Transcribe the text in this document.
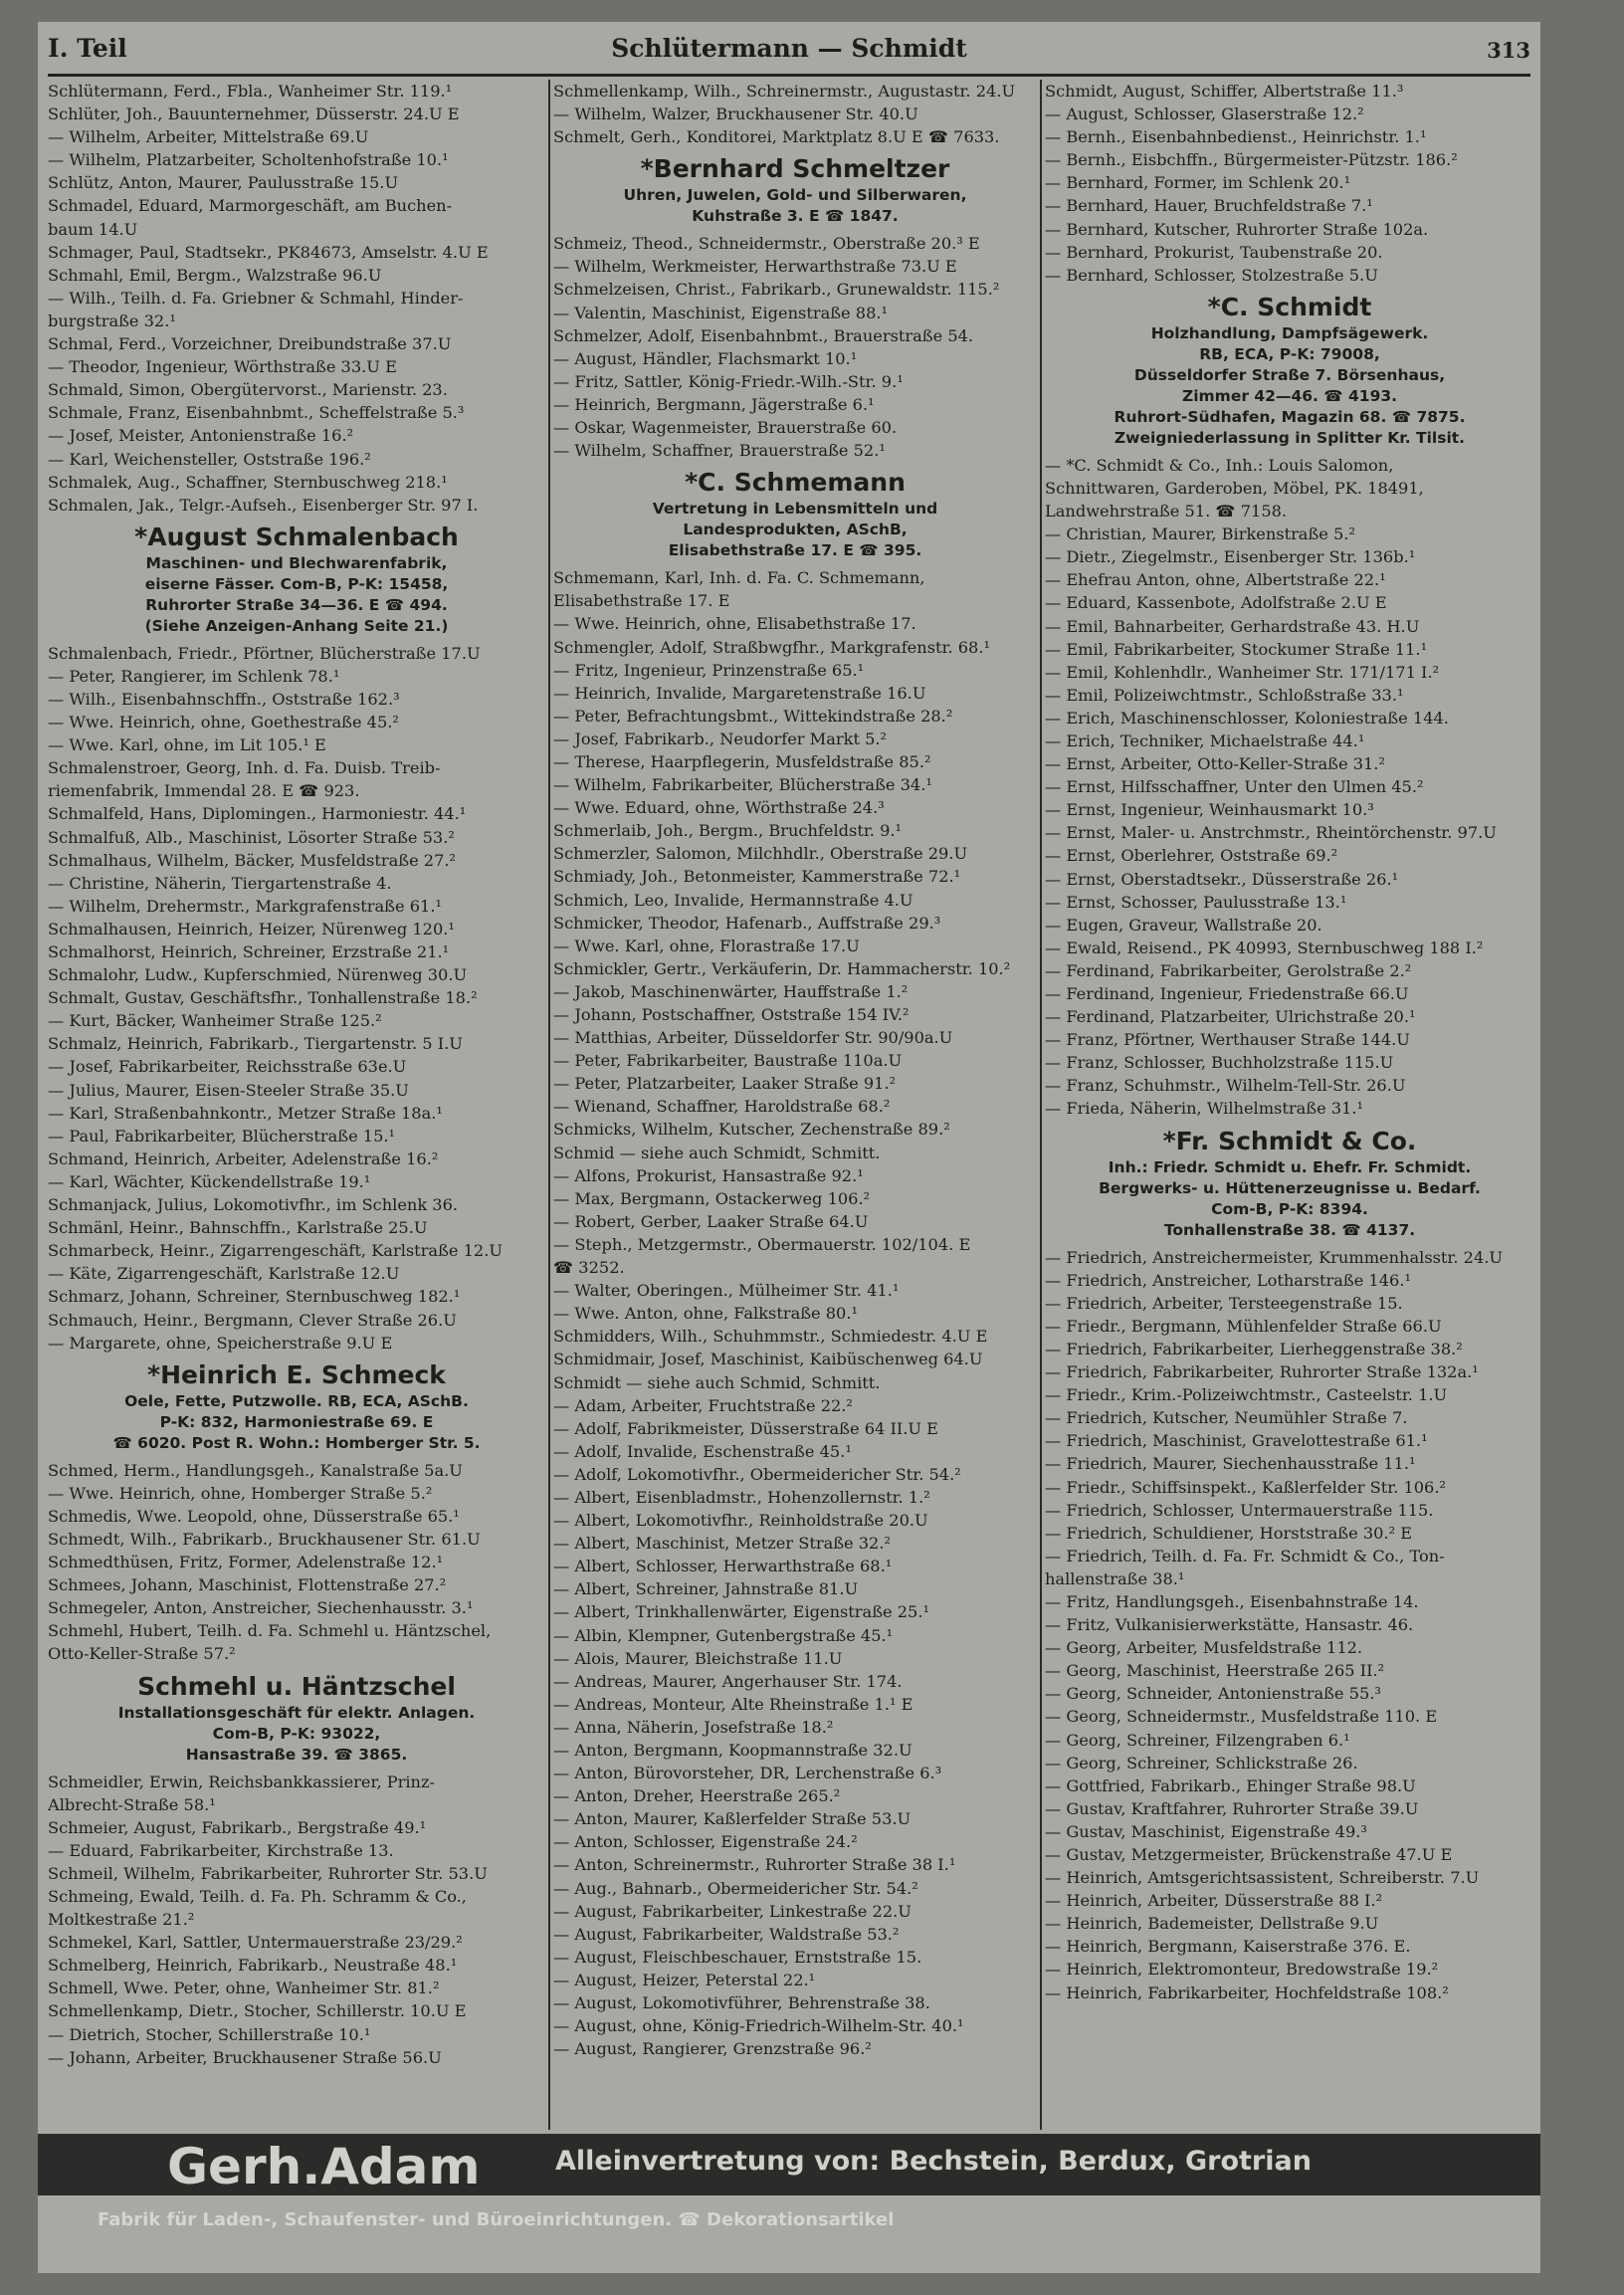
I. Teil	Schlütermann — Schmidt	313
Schlütermann, Ferd., Fbla., Wanheimer Str. 119.¹
Schlüter, Joh., Bauunternehmer, Düsserstr. 24.U E
— Wilhelm, Arbeiter, Mittelstraße 69.U
— Wilhelm, Platzarbeiter, Scholtenhofstraße 10.¹
Schlütz, Anton, Maurer, Paulusstraße 15.U
Schmadel, Eduard, Marmorgeschäft, am Buchen-
baum 14.U
Schmager, Paul, Stadtsekr., PK84673, Amselstr. 4.U E
Schmahl, Emil, Bergm., Walzstraße 96.U
— Wilh., Teilh. d. Fa. Griebner & Schmahl, Hinder-
burgstraße 32.¹
Schmal, Ferd., Vorzeichner, Dreibundstraße 37.U
— Theodor, Ingenieur, Wörthstraße 33.U E
Schmald, Simon, Obergütervorst., Marienstr. 23.
Schmale, Franz, Eisenbahnbmt., Scheffelstraße 5.³
— Josef, Meister, Antonienstraße 16.²
— Karl, Weichensteller, Oststraße 196.²
Schmalek, Aug., Schaffner, Sternbuschweg 218.¹
Schmalen, Jak., Telgr.-Aufseh., Eisenberger Str. 97 I.
*August Schmalenbach
Maschinen- und Blechwarenfabrik,
eiserne Fässer. Com-B, P-K: 15458,
Ruhrorter Straße 34—36. E ☎ 494.
(Siehe Anzeigen-Anhang Seite 21.)
Schmalenbach, Friedr., Pförtner, Blücherstraße 17.U
— Peter, Rangierer, im Schlenk 78.¹
— Wilh., Eisenbahnschffn., Oststraße 162.³
— Wwe. Heinrich, ohne, Goethestraße 45.²
— Wwe. Karl, ohne, im Lit 105.¹ E
Schmalenstroer, Georg, Inh. d. Fa. Duisb. Treib-
riemenfabrik, Immendal 28. E ☎ 923.
Schmalfeld, Hans, Diplomingen., Harmoniestr. 44.¹
Schmalfuß, Alb., Maschinist, Lösorter Straße 53.²
Schmalhaus, Wilhelm, Bäcker, Musfeldstraße 27.²
— Christine, Näherin, Tiergartenstraße 4.
— Wilhelm, Drehermstr., Markgrafenstraße 61.¹
Schmalhausen, Heinrich, Heizer, Nürenweg 120.¹
Schmalhorst, Heinrich, Schreiner, Erzstraße 21.¹
Schmalohr, Ludw., Kupferschmied, Nürenweg 30.U
Schmalt, Gustav, Geschäftsfhr., Tonhallenstraße 18.²
— Kurt, Bäcker, Wanheimer Straße 125.²
Schmalz, Heinrich, Fabrikarb., Tiergartenstr. 5 I.U
— Josef, Fabrikarbeiter, Reichsstraße 63e.U
— Julius, Maurer, Eisen-Steeler Straße 35.U
— Karl, Straßenbahnkontr., Metzer Straße 18a.¹
— Paul, Fabrikarbeiter, Blücherstraße 15.¹
Schmand, Heinrich, Arbeiter, Adelenstraße 16.²
— Karl, Wächter, Kückendellstraße 19.¹
Schmanjack, Julius, Lokomotivfhr., im Schlenk 36.
Schmänl, Heinr., Bahnschffn., Karlstraße 25.U
Schmarbeck, Heinr., Zigarrengeschäft, Karlstraße 12.U
— Käte, Zigarrengeschäft, Karlstraße 12.U
Schmarz, Johann, Schreiner, Sternbuschweg 182.¹
Schmauch, Heinr., Bergmann, Clever Straße 26.U
— Margarete, ohne, Speicherstraße 9.U E
*Heinrich E. Schmeck
Oele, Fette, Putzwolle. RB, ECA, ASchB.
P-K: 832, Harmoniestraße 69. E
☎ 6020. Post R. Wohn.: Homberger Str. 5.
Schmed, Herm., Handlungsgeh., Kanalstraße 5a.U
— Wwe. Heinrich, ohne, Homberger Straße 5.²
Schmedis, Wwe. Leopold, ohne, Düsserstraße 65.¹
Schmedt, Wilh., Fabrikarb., Bruckhausener Str. 61.U
Schmedthüsen, Fritz, Former, Adelenstraße 12.¹
Schmees, Johann, Maschinist, Flottenstraße 27.²
Schmegeler, Anton, Anstreicher, Siechenhausstr. 3.¹
Schmehl, Hubert, Teilh. d. Fa. Schmehl u. Häntzschel,
Otto-Keller-Straße 57.²
Schmehl u. Häntzschel
Installationsgeschäft für elektr. Anlagen.
Com-B, P-K: 93022,
Hansastraße 39. ☎ 3865.
Schmeidler, Erwin, Reichsbankkassierer, Prinz-
Albrecht-Straße 58.¹
Schmeier, August, Fabrikarb., Bergstraße 49.¹
— Eduard, Fabrikarbeiter, Kirchstraße 13.
Schmeil, Wilhelm, Fabrikarbeiter, Ruhrorter Str. 53.U
Schmeing, Ewald, Teilh. d. Fa. Ph. Schramm & Co.,
Moltkestraße 21.²
Schmekel, Karl, Sattler, Untermauerstraße 23/29.²
Schmelberg, Heinrich, Fabrikarb., Neustraße 48.¹
Schmell, Wwe. Peter, ohne, Wanheimer Str. 81.²
Schmellenkamp, Dietr., Stocher, Schillerstr. 10.U E
— Dietrich, Stocher, Schillerstraße 10.¹
— Johann, Arbeiter, Bruckhausener Straße 56.U
Schmellenkamp, Wilh., Schreinermstr., Augustastr. 24.U
— Wilhelm, Walzer, Bruckhausener Str. 40.U
Schmelt, Gerh., Konditorei, Marktplatz 8.U E ☎ 7633.
*Bernhard Schmeltzer
Uhren, Juwelen, Gold- und Silberwaren,
Kuhstraße 3. E ☎ 1847.
Schmeiz, Theod., Schneidermstr., Oberstraße 20.³ E
— Wilhelm, Werkmeister, Herwarthstraße 73.U E
Schmelzeisen, Christ., Fabrikarb., Grunewaldstr. 115.²
— Valentin, Maschinist, Eigenstraße 88.¹
Schmelzer, Adolf, Eisenbahnbmt., Brauerstraße 54.
— August, Händler, Flachsmarkt 10.¹
— Fritz, Sattler, König-Friedr.-Wilh.-Str. 9.¹
— Heinrich, Bergmann, Jägerstraße 6.¹
— Oskar, Wagenmeister, Brauerstraße 60.
— Wilhelm, Schaffner, Brauerstraße 52.¹
*C. Schmemann
Vertretung in Lebensmitteln und
Landesprodukten, ASchB,
Elisabethstraße 17. E ☎ 395.
Schmemann, Karl, Inh. d. Fa. C. Schmemann,
Elisabethstraße 17. E
— Wwe. Heinrich, ohne, Elisabethstraße 17.
Schmengler, Adolf, Straßbwgfhr., Markgrafenstr. 68.¹
— Fritz, Ingenieur, Prinzenstraße 65.¹
— Heinrich, Invalide, Margaretenstraße 16.U
— Peter, Befrachtungsbmt., Wittekindstraße 28.²
— Josef, Fabrikarb., Neudorfer Markt 5.²
— Therese, Haarpflegerin, Musfeldstraße 85.²
— Wilhelm, Fabrikarbeiter, Blücherstraße 34.¹
— Wwe. Eduard, ohne, Wörthstraße 24.³
Schmerlaib, Joh., Bergm., Bruchfeldstr. 9.¹
Schmerzler, Salomon, Milchhdlr., Oberstraße 29.U
Schmiady, Joh., Betonmeister, Kammerstraße 72.¹
Schmich, Leo, Invalide, Hermannstraße 4.U
Schmicker, Theodor, Hafenarb., Auffstraße 29.³
— Wwe. Karl, ohne, Florastraße 17.U
Schmickler, Gertr., Verkäuferin, Dr. Hammacherstr. 10.²
— Jakob, Maschinenwärter, Hauffstraße 1.²
— Johann, Postschaffner, Oststraße 154 IV.²
— Matthias, Arbeiter, Düsseldorfer Str. 90/90a.U
— Peter, Fabrikarbeiter, Baustraße 110a.U
— Peter, Platzarbeiter, Laaker Straße 91.²
— Wienand, Schaffner, Haroldstraße 68.²
Schmicks, Wilhelm, Kutscher, Zechenstraße 89.²
Schmid — siehe auch Schmidt, Schmitt.
— Alfons, Prokurist, Hansastraße 92.¹
— Max, Bergmann, Ostackerweg 106.²
— Robert, Gerber, Laaker Straße 64.U
— Steph., Metzgermstr., Obermauerstr. 102/104. E
☎ 3252.
— Walter, Oberingen., Mülheimer Str. 41.¹
— Wwe. Anton, ohne, Falkstraße 80.¹
Schmidders, Wilh., Schuhmmstr., Schmiedestr. 4.U E
Schmidmair, Josef, Maschinist, Kaibüschenweg 64.U
Schmidt — siehe auch Schmid, Schmitt.
— Adam, Arbeiter, Fruchtstraße 22.²
— Adolf, Fabrikmeister, Düsserstraße 64 II.U E
— Adolf, Invalide, Eschenstraße 45.¹
— Adolf, Lokomotivfhr., Obermeidericher Str. 54.²
— Albert, Eisenbladmstr., Hohenzollernstr. 1.²
— Albert, Lokomotivfhr., Reinholdstraße 20.U
— Albert, Maschinist, Metzer Straße 32.²
— Albert, Schlosser, Herwarthstraße 68.¹
— Albert, Schreiner, Jahnstraße 81.U
— Albert, Trinkhallenwärter, Eigenstraße 25.¹
— Albin, Klempner, Gutenbergstraße 45.¹
— Alois, Maurer, Bleichstraße 11.U
— Andreas, Maurer, Angerhauser Str. 174.
— Andreas, Monteur, Alte Rheinstraße 1.¹ E
— Anna, Näherin, Josefstraße 18.²
— Anton, Bergmann, Koopmannstraße 32.U
— Anton, Bürovorsteher, DR, Lerchenstraße 6.³
— Anton, Dreher, Heerstraße 265.²
— Anton, Maurer, Kaßlerfelder Straße 53.U
— Anton, Schlosser, Eigenstraße 24.²
— Anton, Schreinermstr., Ruhrorter Straße 38 I.¹
— Aug., Bahnarb., Obermeidericher Str. 54.²
— August, Fabrikarbeiter, Linkestraße 22.U
— August, Fabrikarbeiter, Waldstraße 53.²
— August, Fleischbeschauer, Ernststraße 15.
— August, Heizer, Peterstal 22.¹
— August, Lokomotivführer, Behrenstraße 38.
— August, ohne, König-Friedrich-Wilhelm-Str. 40.¹
— August, Rangierer, Grenzstraße 96.²
Schmidt, August, Schiffer, Albertstraße 11.³
— August, Schlosser, Glaserstraße 12.²
— Bernh., Eisenbahnbedienst., Heinrichstr. 1.¹
— Bernh., Eisbchffn., Bürgermeister-Pützstr. 186.²
— Bernhard, Former, im Schlenk 20.¹
— Bernhard, Hauer, Bruchfeldstraße 7.¹
— Bernhard, Kutscher, Ruhrorter Straße 102a.
— Bernhard, Prokurist, Taubenstraße 20.
— Bernhard, Schlosser, Stolzestraße 5.U
*C. Schmidt
Holzhandlung, Dampfsägewerk.
RB, ECA, P-K: 79008,
Düsseldorfer Straße 7. Börsenhaus,
Zimmer 42—46. ☎ 4193.
Ruhrort-Südhafen, Magazin 68. ☎ 7875.
Zweigniederlassung in Splitter Kr. Tilsit.
— *C. Schmidt & Co., Inh.: Louis Salomon,
Schnittwaren, Garderoben, Möbel, PK. 18491,
Landwehrstraße 51. ☎ 7158.
— Christian, Maurer, Birkenstraße 5.²
— Dietr., Ziegelmstr., Eisenberger Str. 136b.¹
— Ehefrau Anton, ohne, Albertstraße 22.¹
— Eduard, Kassenbote, Adolfstraße 2.U E
— Emil, Bahnarbeiter, Gerhardstraße 43. H.U
— Emil, Fabrikarbeiter, Stockumer Straße 11.¹
— Emil, Kohlenhdlr., Wanheimer Str. 171/171 I.²
— Emil, Polizeiwchtmstr., Schloßstraße 33.¹
— Erich, Maschinenschlosser, Koloniestraße 144.
— Erich, Techniker, Michaelstraße 44.¹
— Ernst, Arbeiter, Otto-Keller-Straße 31.²
— Ernst, Hilfsschaffner, Unter den Ulmen 45.²
— Ernst, Ingenieur, Weinhausmarkt 10.³
— Ernst, Maler- u. Anstrchmstr., Rheintörchenstr. 97.U
— Ernst, Oberlehrer, Oststraße 69.²
— Ernst, Oberstadtsekr., Düsserstraße 26.¹
— Ernst, Schosser, Paulusstraße 13.¹
— Eugen, Graveur, Wallstraße 20.
— Ewald, Reisend., PK 40993, Sternbuschweg 188 I.²
— Ferdinand, Fabrikarbeiter, Gerolstraße 2.²
— Ferdinand, Ingenieur, Friedenstraße 66.U
— Ferdinand, Platzarbeiter, Ulrichstraße 20.¹
— Franz, Pförtner, Werthauser Straße 144.U
— Franz, Schlosser, Buchholzstraße 115.U
— Franz, Schuhmstr., Wilhelm-Tell-Str. 26.U
— Frieda, Näherin, Wilhelmstraße 31.¹
*Fr. Schmidt & Co.
Inh.: Friedr. Schmidt u. Ehefr. Fr. Schmidt.
Bergwerks- u. Hüttenerzeugnisse u. Bedarf.
Com-B, P-K: 8394.
Tonhallenstraße 38. ☎ 4137.
— Friedrich, Anstreichermeister, Krummenhalsstr. 24.U
— Friedrich, Anstreicher, Lotharstraße 146.¹
— Friedrich, Arbeiter, Tersteegenstraße 15.
— Friedr., Bergmann, Mühlenfelder Straße 66.U
— Friedrich, Fabrikarbeiter, Lierheggenstraße 38.²
— Friedrich, Fabrikarbeiter, Ruhrorter Straße 132a.¹
— Friedr., Krim.-Polizeiwchtmstr., Casteelstr. 1.U
— Friedrich, Kutscher, Neumühler Straße 7.
— Friedrich, Maschinist, Gravelottestraße 61.¹
— Friedrich, Maurer, Siechenhausstraße 11.¹
— Friedr., Schiffsinspekt., Kaßlerfelder Str. 106.²
— Friedrich, Schlosser, Untermauerstraße 115.
— Friedrich, Schuldiener, Horststraße 30.² E
— Friedrich, Teilh. d. Fa. Fr. Schmidt & Co., Ton-
hallenstraße 38.¹
— Fritz, Handlungsgeh., Eisenbahnstraße 14.
— Fritz, Vulkanisierwerkstätte, Hansastr. 46.
— Georg, Arbeiter, Musfeldstraße 112.
— Georg, Maschinist, Heerstraße 265 II.²
— Georg, Schneider, Antonienstraße 55.³
— Georg, Schneidermstr., Musfeldstraße 110. E
— Georg, Schreiner, Filzengraben 6.¹
— Georg, Schreiner, Schlickstraße 26.
— Gottfried, Fabrikarb., Ehinger Straße 98.U
— Gustav, Kraftfahrer, Ruhrorter Straße 39.U
— Gustav, Maschinist, Eigenstraße 49.³
— Gustav, Metzgermeister, Brückenstraße 47.U E
— Heinrich, Amtsgerichtsassistent, Schreiberstr. 7.U
— Heinrich, Arbeiter, Düsserstraße 88 I.²
— Heinrich, Bademeister, Dellstraße 9.U
— Heinrich, Bergmann, Kaiserstraße 376. E.
— Heinrich, Elektromonteur, Bredowstraße 19.²
— Heinrich, Fabrikarbeiter, Hochfeldstraße 108.²
Gerh.Adam	Alleinvertretung von: Bechstein, Berdux, Grotrian
Fabrik für Laden-, Schaufenster- und Büroeinrichtungen. ☎ Dekorationsartikel
